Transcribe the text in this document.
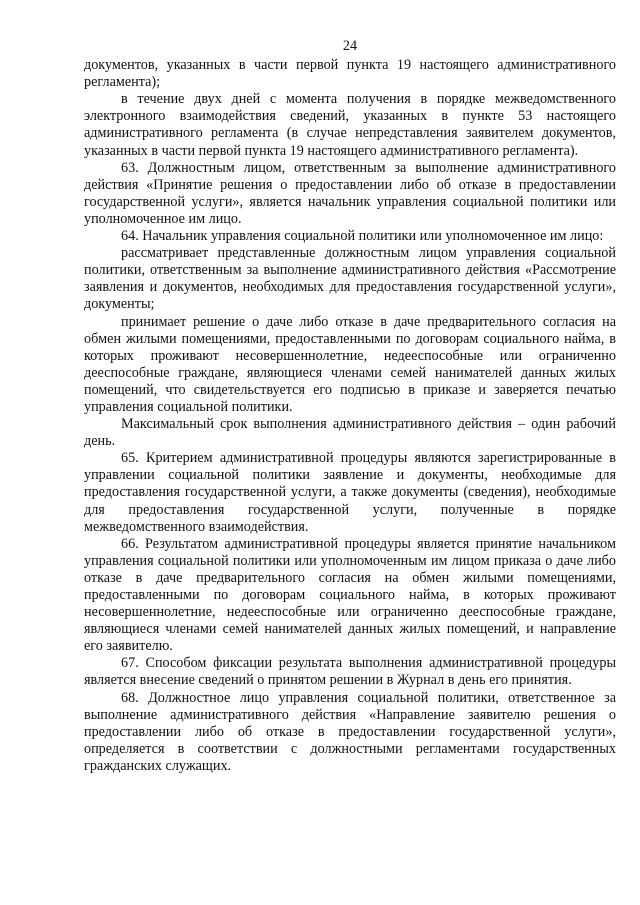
24

документов, указанных в части первой пункта 19 настоящего административного регламента);

в течение двух дней с момента получения в порядке межведомственного электронного взаимодействия сведений, указанных в пункте 53 настоящего административного регламента (в случае непредставления заявителем документов, указанных в части первой пункта 19 настоящего административного регламента).

63. Должностным лицом, ответственным за выполнение административного действия «Принятие решения о предоставлении либо об отказе в предоставлении государственной услуги», является начальник управления социальной политики или уполномоченное им лицо.

64. Начальник управления социальной политики или уполномоченное им лицо:

рассматривает представленные должностным лицом управления социальной политики, ответственным за выполнение административного действия «Рассмотрение заявления и документов, необходимых для предоставления государственной услуги», документы;

принимает решение о даче либо отказе в даче предварительного согласия на обмен жилыми помещениями, предоставленными по договорам социального найма, в которых проживают несовершеннолетние, недееспособные или ограниченно дееспособные граждане, являющиеся членами семей нанимателей данных жилых помещений, что свидетельствуется его подписью в приказе и заверяется печатью управления социальной политики.

Максимальный срок выполнения административного действия – один рабочий день.

65. Критерием административной процедуры являются зарегистрированные в управлении социальной политики заявление и документы, необходимые для предоставления государственной услуги, а также документы (сведения), необходимые для предоставления государственной услуги, полученные в порядке межведомственного взаимодействия.

66. Результатом административной процедуры является принятие начальником управления социальной политики или уполномоченным им лицом приказа о даче либо отказе в даче предварительного согласия на обмен жилыми помещениями, предоставленными по договорам социального найма, в которых проживают несовершеннолетние, недееспособные или ограниченно дееспособные граждане, являющиеся членами семей нанимателей данных жилых помещений, и направление его заявителю.

67. Способом фиксации результата выполнения административной процедуры является внесение сведений о принятом решении в Журнал в день его принятия.

68. Должностное лицо управления социальной политики, ответственное за выполнение административного действия «Направление заявителю решения о предоставлении либо об отказе в предоставлении государственной услуги», определяется в соответствии с должностными регламентами государственных гражданских служащих.
